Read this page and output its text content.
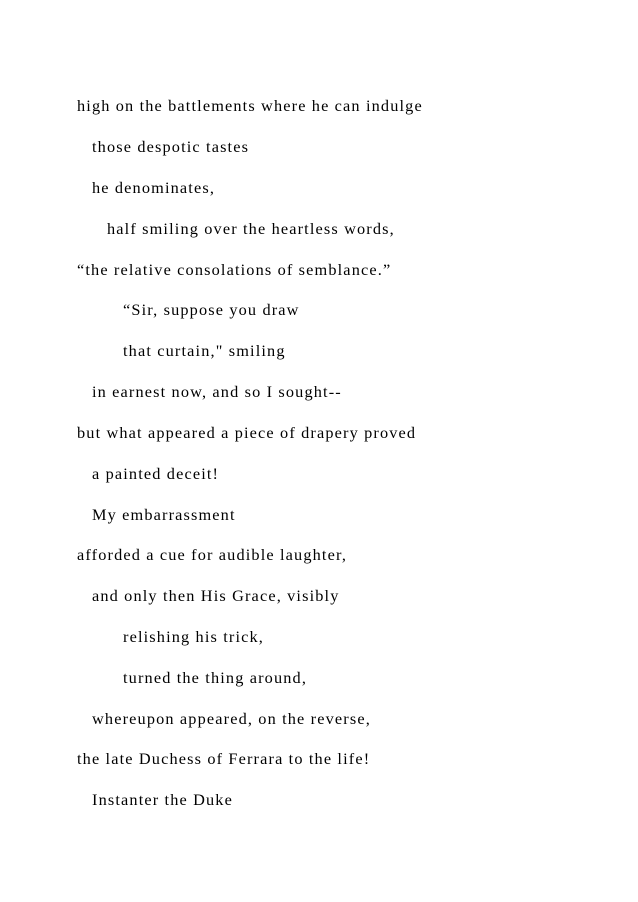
high on the battlements where he can indulge

those despotic tastes

he denominates,

half smiling over the heartless words,

“the relative consolations of semblance.”

“Sir, suppose you draw

that curtain," smiling

in earnest now, and so I sought--

but what appeared a piece of drapery proved

a painted deceit!

My embarrassment

afforded a cue for audible laughter,

and only then His Grace, visibly

relishing his trick,

turned the thing around,

whereupon appeared, on the reverse,

the late Duchess of Ferrara to the life!

Instanter the Duke
